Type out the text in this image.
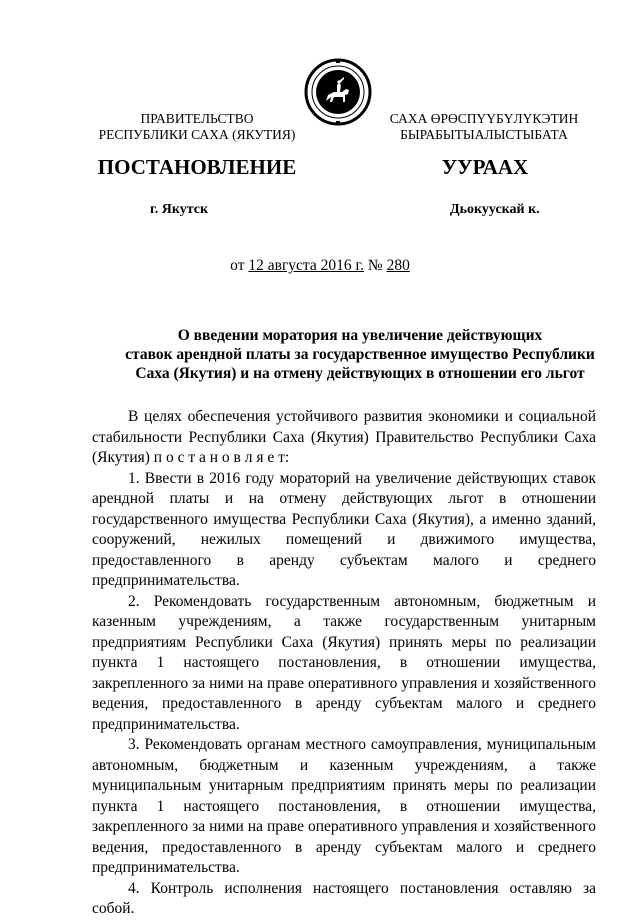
ПРАВИТЕЛЬСТВО
РЕСПУБЛИКИ САХА (ЯКУТИЯ)
САХА ӨРӨСПҮҮБҮЛҮКЭТИН
БЫРАБЫТЫАЛЫСТЫБАТА
ПОСТАНОВЛЕНИЕ	УУРААХ
г. Якутск	Дьокуускай к.
от 12 августа 2016 г. № 280
О введении моратория на увеличение действующих
ставок арендной платы за государственное имущество Республики
Саха (Якутия) и на отмену действующих в отношении его льгот

В целях обеспечения устойчивого развития экономики и социальной стабильности Республики Саха (Якутия) Правительство Республики Саха (Якутия) п о с т а н о в л я е т:

1. Ввести в 2016 году мораторий на увеличение действующих ставок арендной платы и на отмену действующих льгот в отношении государственного имущества Республики Саха (Якутия), а именно зданий, сооружений, нежилых помещений и движимого имущества, предоставленного в аренду субъектам малого и среднего предпринимательства.

2. Рекомендовать государственным автономным, бюджетным и казенным учреждениям, а также государственным унитарным предприятиям Республики Саха (Якутия) принять меры по реализации пункта 1 настоящего постановления, в отношении имущества, закрепленного за ними на праве оперативного управления и хозяйственного ведения, предоставленного в аренду субъектам малого и среднего предпринимательства.

3. Рекомендовать органам местного самоуправления, муниципальным автономным, бюджетным и казенным учреждениям, а также муниципальным унитарным предприятиям принять меры по реализации пункта 1 настоящего постановления, в отношении имущества, закрепленного за ними на праве оперативного управления и хозяйственного ведения, предоставленного в аренду субъектам малого и среднего предпринимательства.

4. Контроль исполнения настоящего постановления оставляю за собой.
